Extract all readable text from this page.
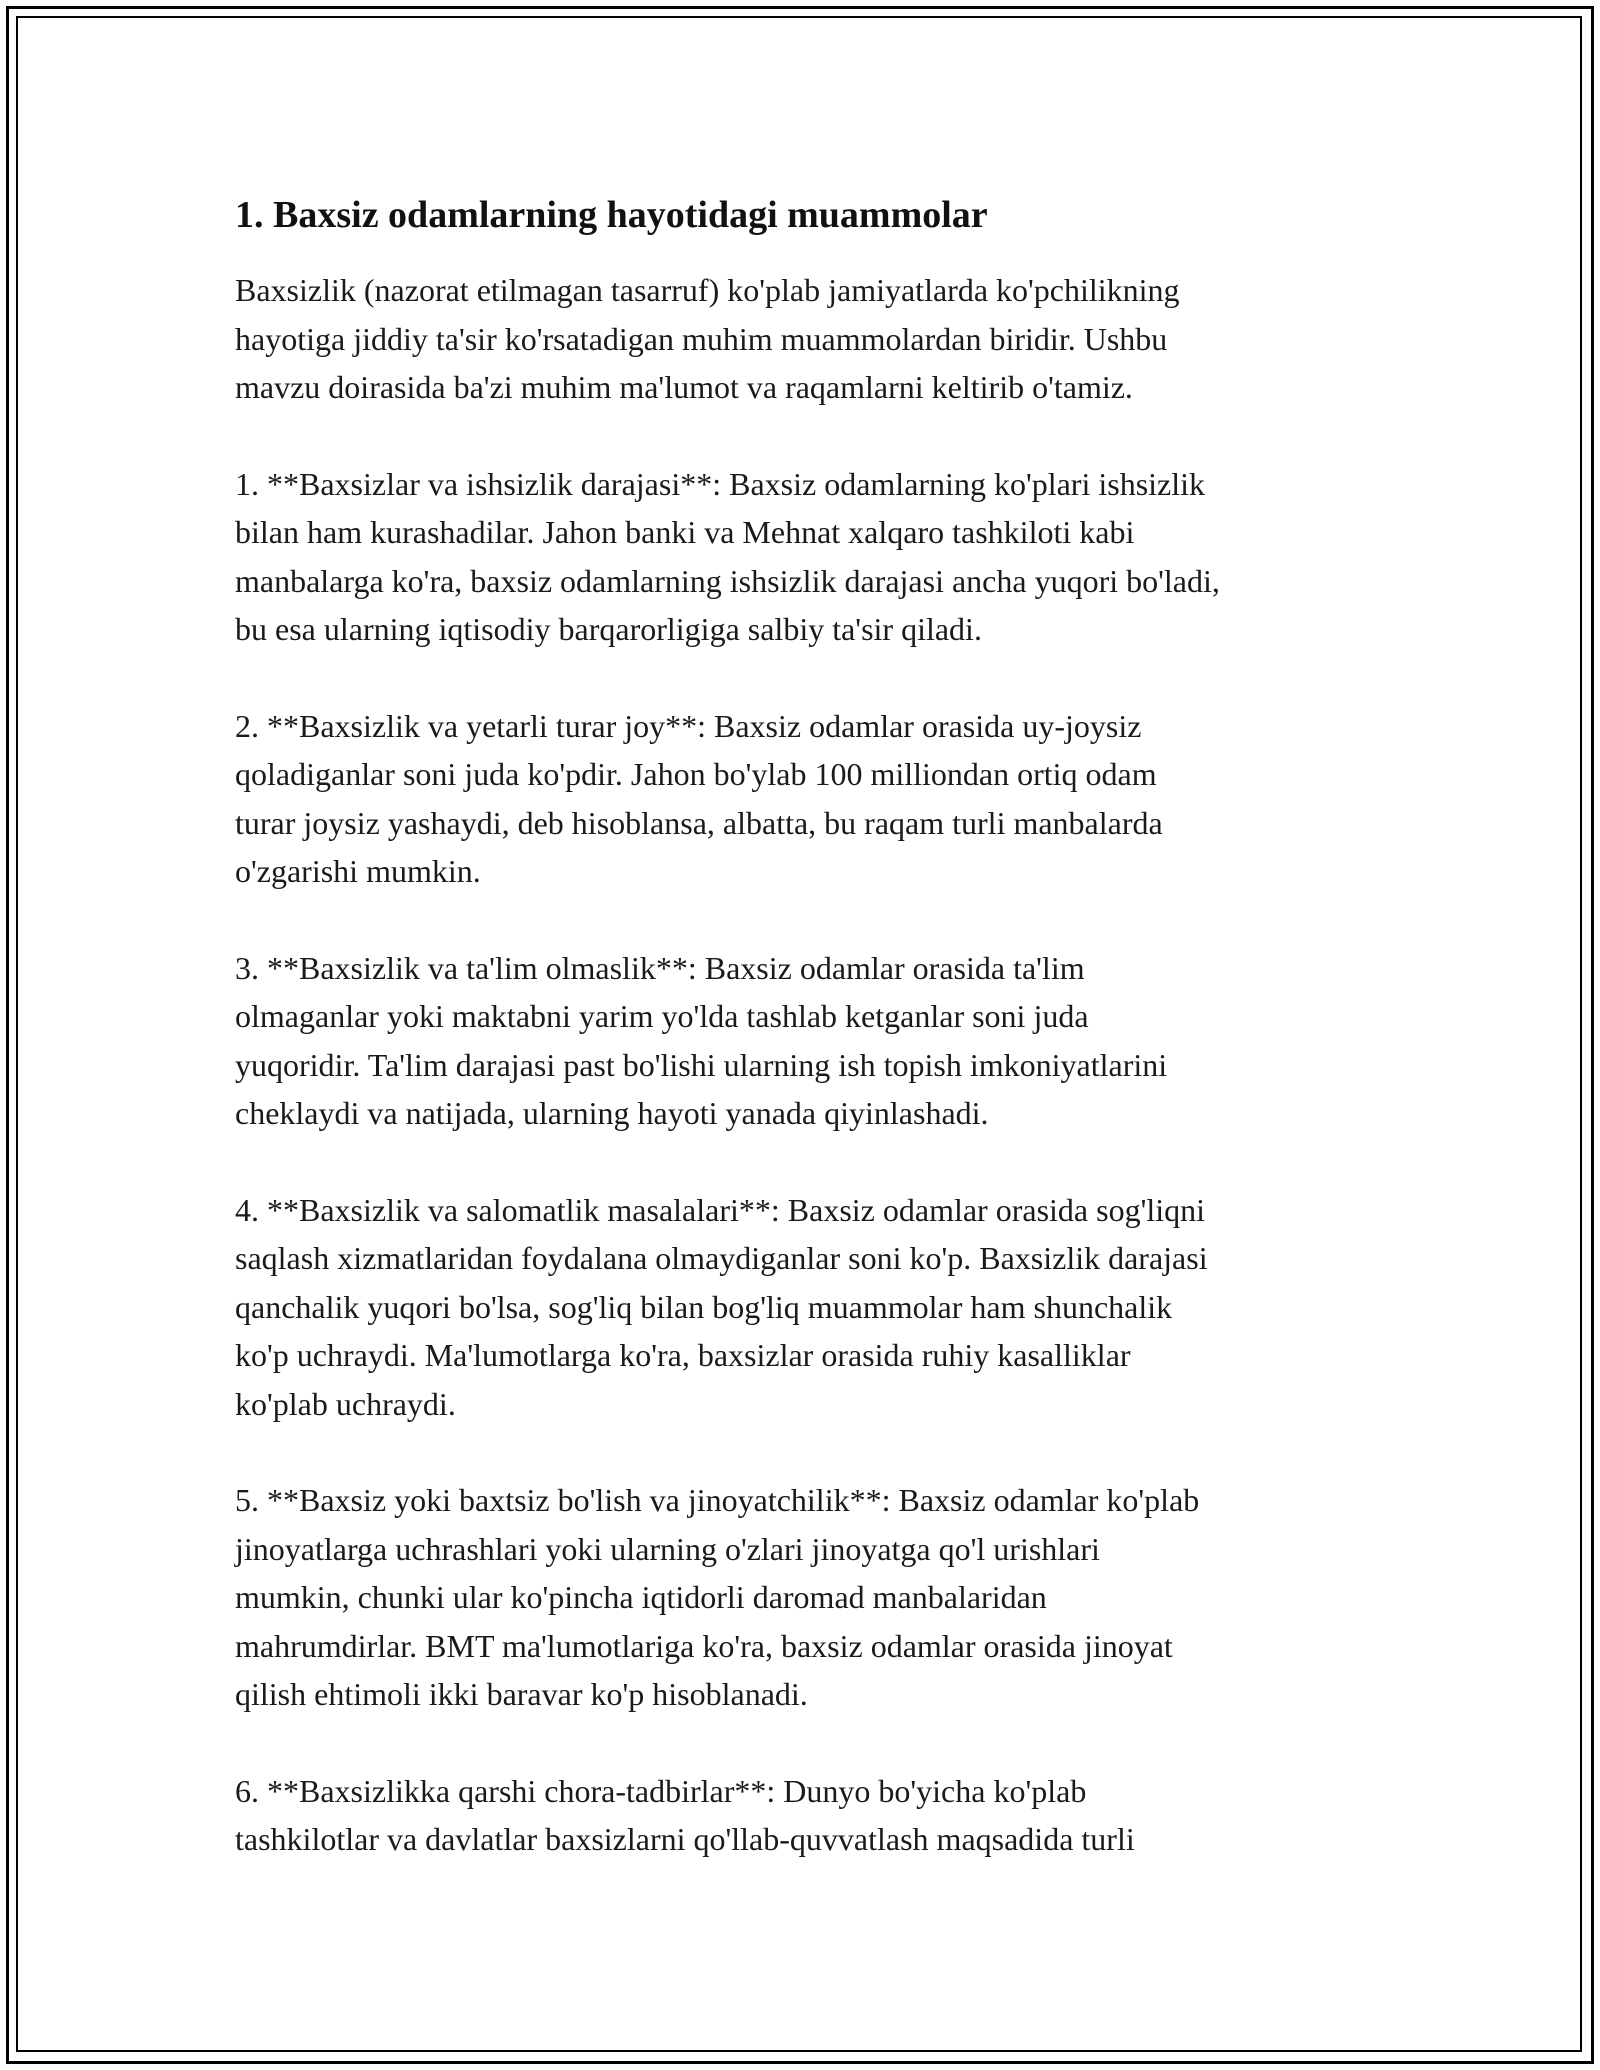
1. Baxsiz odamlarning hayotidagi muammolar

Baxsizlik (nazorat etilmagan tasarruf) ko'plab jamiyatlarda ko'pchilikning
hayotiga jiddiy ta'sir ko'rsatadigan muhim muammolardan biridir. Ushbu
mavzu doirasida ba'zi muhim ma'lumot va raqamlarni keltirib o'tamiz.

1. **Baxsizlar va ishsizlik darajasi**: Baxsiz odamlarning ko'plari ishsizlik
bilan ham kurashadilar. Jahon banki va Mehnat xalqaro tashkiloti kabi
manbalarga ko'ra, baxsiz odamlarning ishsizlik darajasi ancha yuqori bo'ladi,
bu esa ularning iqtisodiy barqarorligiga salbiy ta'sir qiladi.

2. **Baxsizlik va yetarli turar joy**: Baxsiz odamlar orasida uy-joysiz
qoladiganlar soni juda ko'pdir. Jahon bo'ylab 100 milliondan ortiq odam
turar joysiz yashaydi, deb hisoblansa, albatta, bu raqam turli manbalarda
o'zgarishi mumkin.

3. **Baxsizlik va ta'lim olmaslik**: Baxsiz odamlar orasida ta'lim
olmaganlar yoki maktabni yarim yo'lda tashlab ketganlar soni juda
yuqoridir. Ta'lim darajasi past bo'lishi ularning ish topish imkoniyatlarini
cheklaydi va natijada, ularning hayoti yanada qiyinlashadi.

4. **Baxsizlik va salomatlik masalalari**: Baxsiz odamlar orasida sog'liqni
saqlash xizmatlaridan foydalana olmaydiganlar soni ko'p. Baxsizlik darajasi
qanchalik yuqori bo'lsa, sog'liq bilan bog'liq muammolar ham shunchalik
ko'p uchraydi. Ma'lumotlarga ko'ra, baxsizlar orasida ruhiy kasalliklar
ko'plab uchraydi.

5. **Baxsiz yoki baxtsiz bo'lish va jinoyatchilik**: Baxsiz odamlar ko'plab
jinoyatlarga uchrashlari yoki ularning o'zlari jinoyatga qo'l urishlari
mumkin, chunki ular ko'pincha iqtidorli daromad manbalaridan
mahrumdirlar. BMT ma'lumotlariga ko'ra, baxsiz odamlar orasida jinoyat
qilish ehtimoli ikki baravar ko'p hisoblanadi.

6. **Baxsizlikka qarshi chora-tadbirlar**: Dunyo bo'yicha ko'plab
tashkilotlar va davlatlar baxsizlarni qo'llab-quvvatlash maqsadida turli
